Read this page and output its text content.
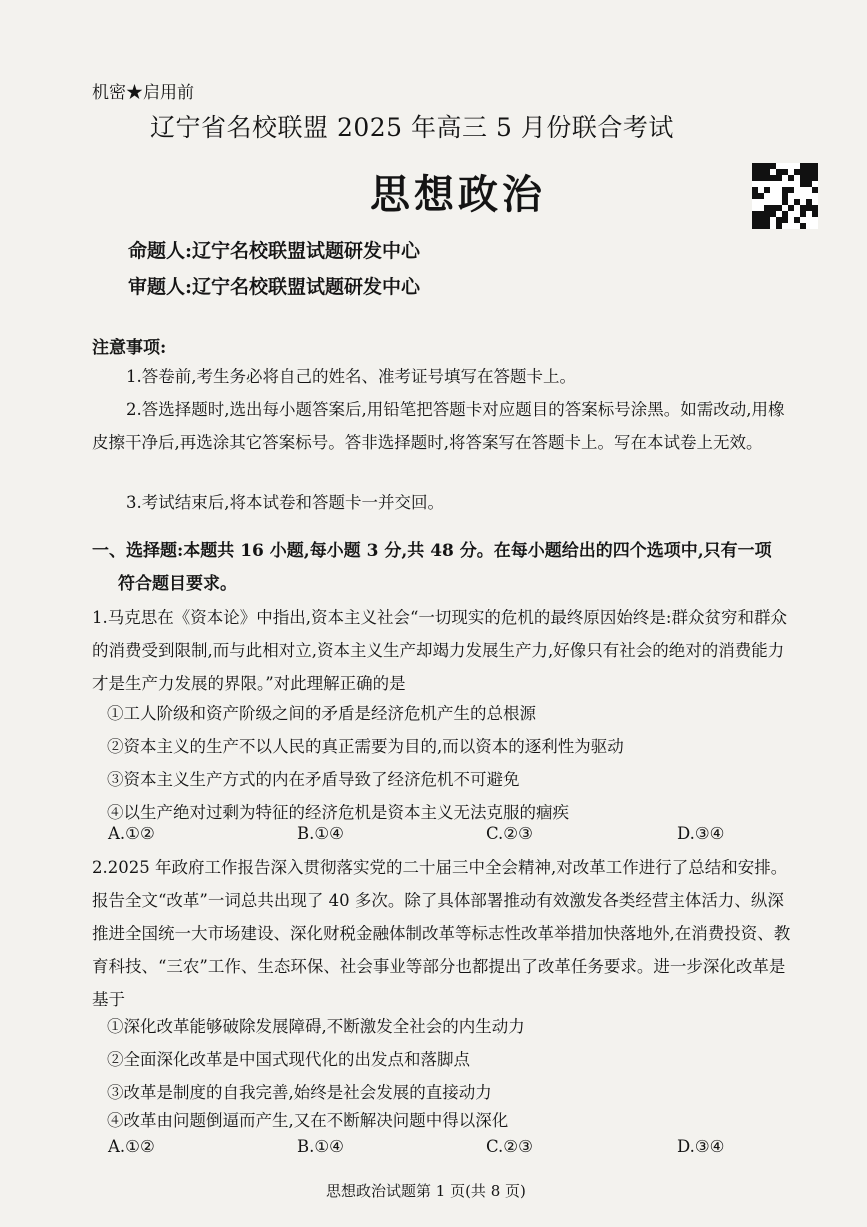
机密★启用前
辽宁省名校联盟 2025 年高三 5 月份联合考试
思想政治
命题人:辽宁名校联盟试题研发中心
审题人:辽宁名校联盟试题研发中心
注意事项:
1.答卷前,考生务必将自己的姓名、准考证号填写在答题卡上。
2.答选择题时,选出每小题答案后,用铅笔把答题卡对应题目的答案标号涂黑。如需改动,用橡皮擦干净后,再选涂其它答案标号。答非选择题时,将答案写在答题卡上。写在本试卷上无效。
3.考试结束后,将本试卷和答题卡一并交回。
一、选择题:本题共 16 小题,每小题 3 分,共 48 分。在每小题给出的四个选项中,只有一项
符合题目要求。
1.马克思在《资本论》中指出,资本主义社会“一切现实的危机的最终原因始终是:群众贫穷和群众的消费受到限制,而与此相对立,资本主义生产却竭力发展生产力,好像只有社会的绝对的消费能力才是生产力发展的界限。”对此理解正确的是
①工人阶级和资产阶级之间的矛盾是经济危机产生的总根源
②资本主义的生产不以人民的真正需要为目的,而以资本的逐利性为驱动
③资本主义生产方式的内在矛盾导致了经济危机不可避免
④以生产绝对过剩为特征的经济危机是资本主义无法克服的痼疾
A.①②	B.①④	C.②③	D.③④
2.2025 年政府工作报告深入贯彻落实党的二十届三中全会精神,对改革工作进行了总结和安排。报告全文“改革”一词总共出现了 40 多次。除了具体部署推动有效激发各类经营主体活力、纵深推进全国统一大市场建设、深化财税金融体制改革等标志性改革举措加快落地外,在消费投资、教育科技、“三农”工作、生态环保、社会事业等部分也都提出了改革任务要求。进一步深化改革是基于
①深化改革能够破除发展障碍,不断激发全社会的内生动力
②全面深化改革是中国式现代化的出发点和落脚点
③改革是制度的自我完善,始终是社会发展的直接动力
④改革由问题倒逼而产生,又在不断解决问题中得以深化
A.①②	B.①④	C.②③	D.③④
思想政治试题第 1 页(共 8 页)
